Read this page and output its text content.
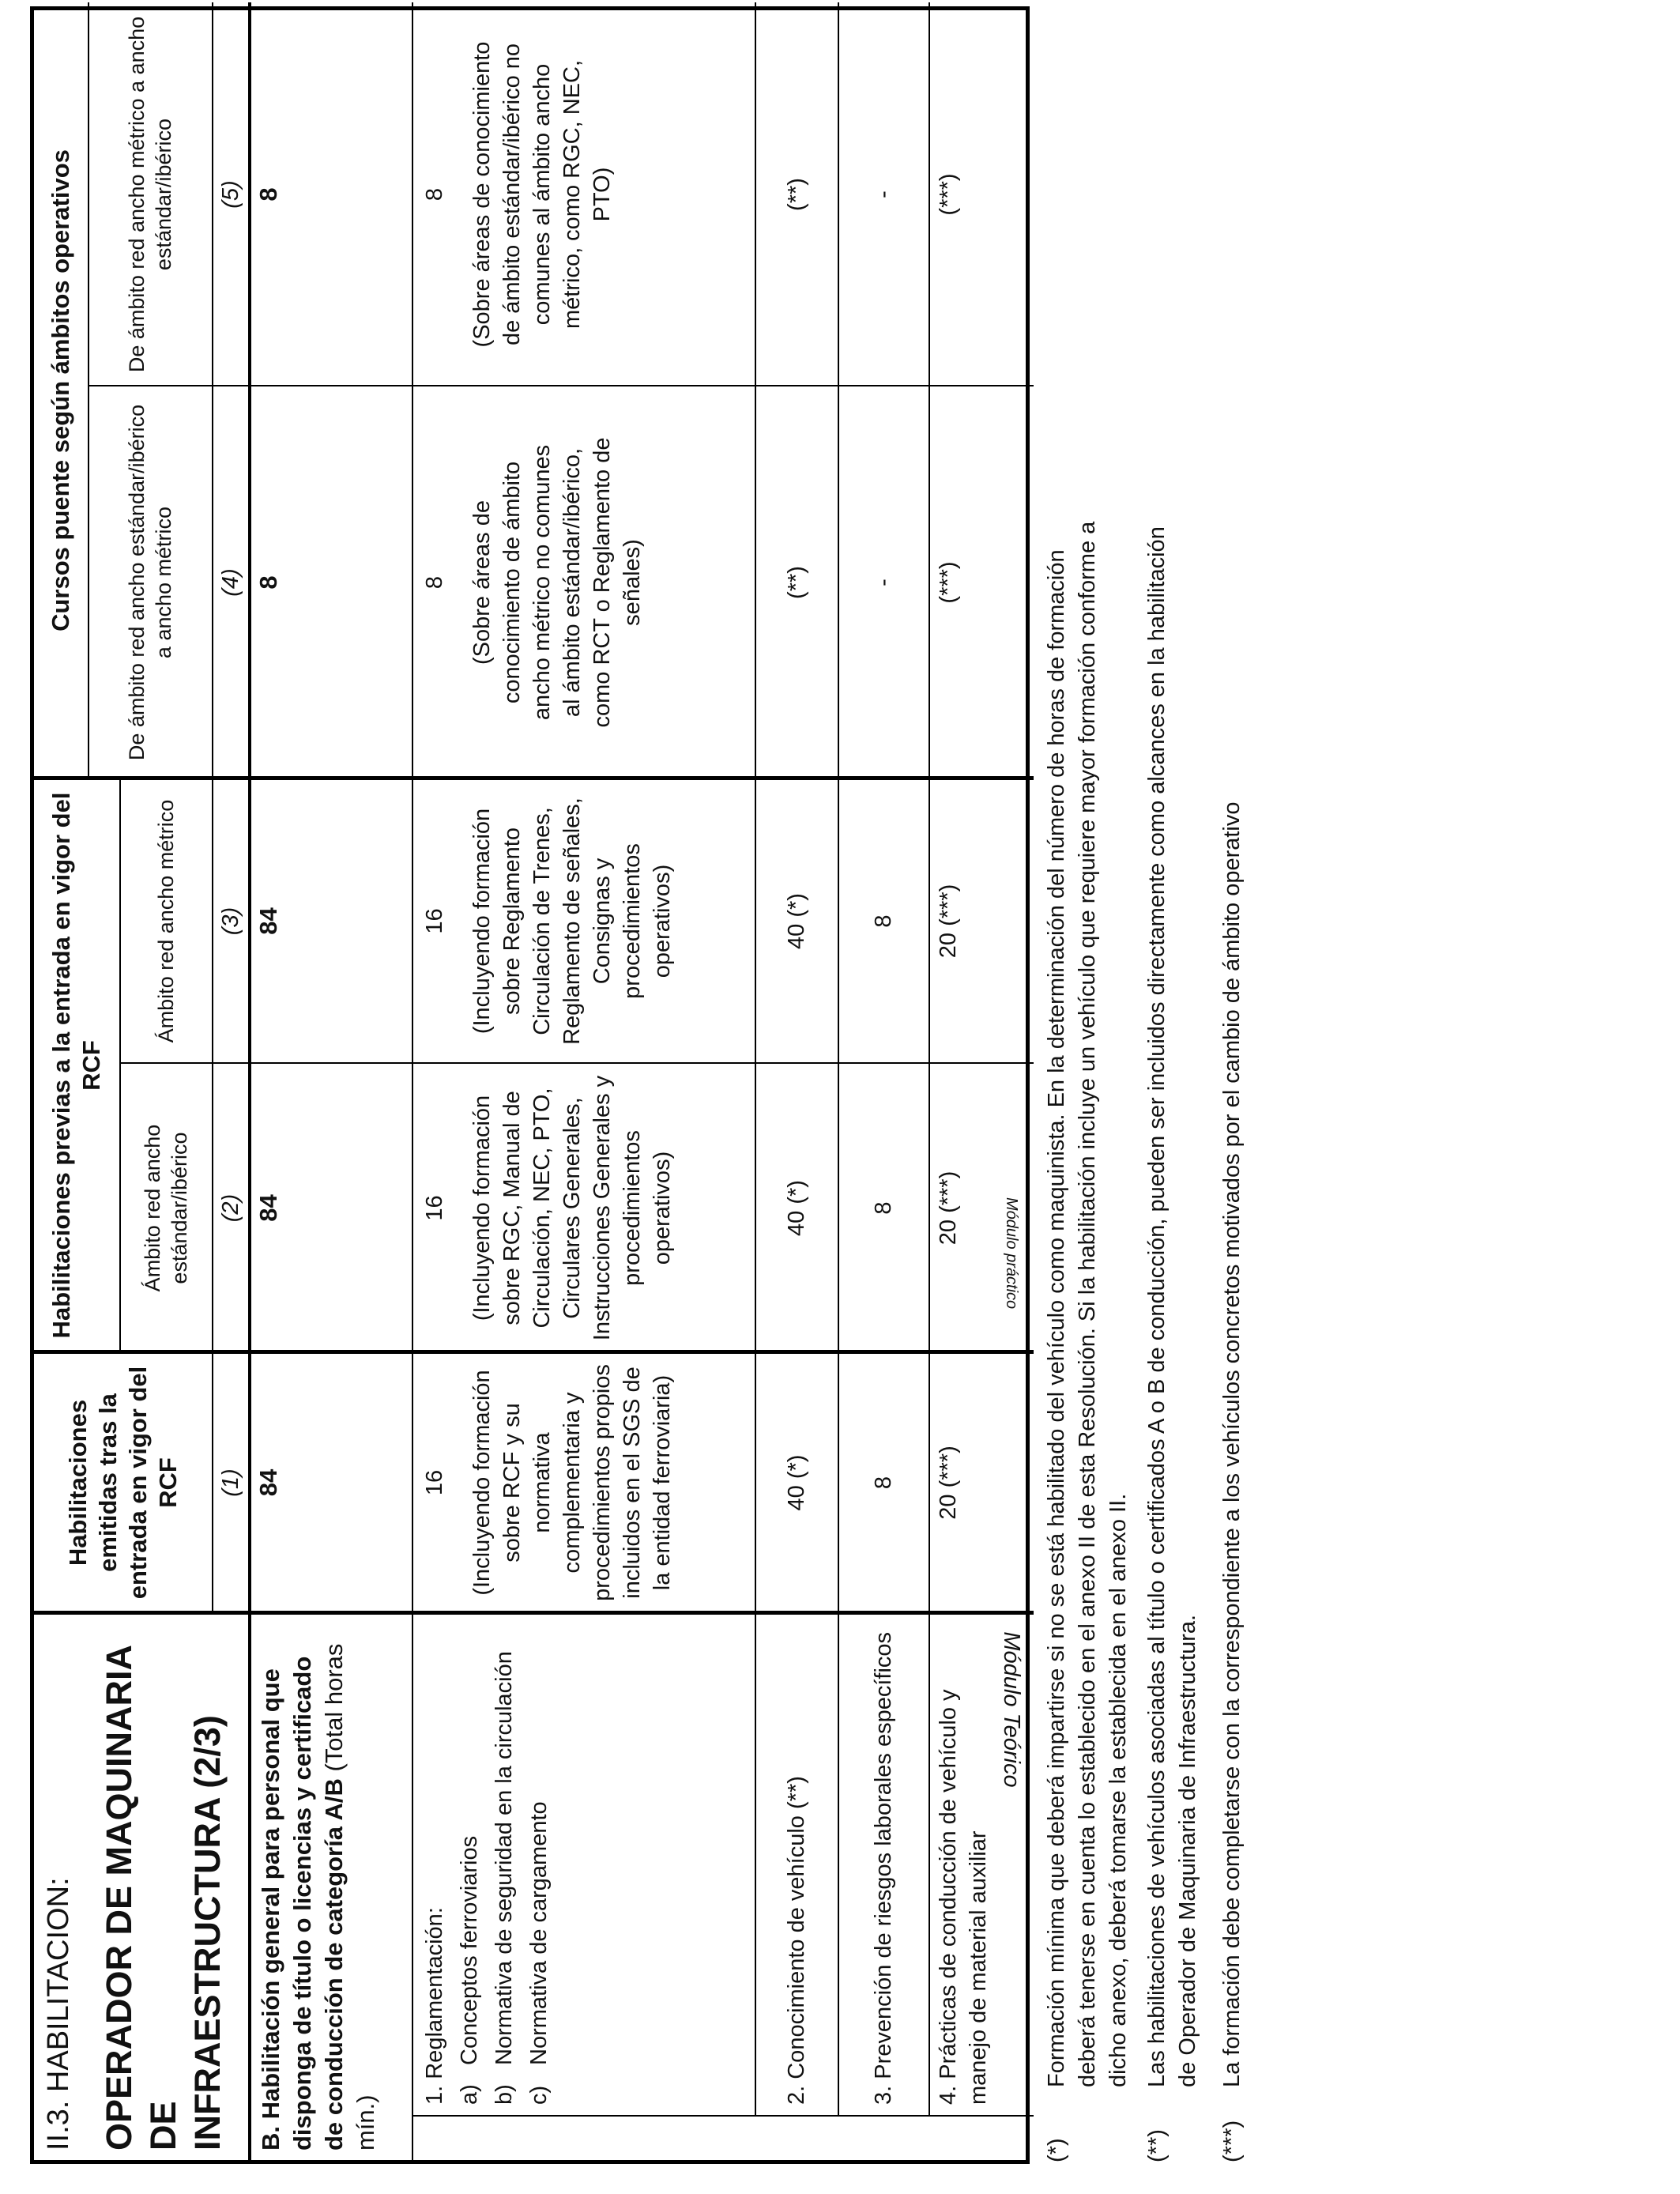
II.3. HABILITACION: OPERADOR DE MAQUINARIA DE INFRAESTRUCTURA (2/3)
Habilitaciones emitidas tras la entrada en vigor del RCF
Habilitaciones previas a la entrada en vigor del RCF
Cursos puente según ámbitos operativos
Ámbito red ancho estándar/ibérico
Ámbito red ancho métrico
De ámbito red ancho estándar/ibérico a ancho métrico
De ámbito red ancho métrico a ancho estándar/ibérico
(1)
(2)
(3)
(4)
(5)
B. Habilitación general para personal que disponga de título o licencias y certificado de conducción de categoría A/B (Total horas mín.)
84
84
84
8
8
Módulo Teórico
Módulo práctico
1. Reglamentación: a)
Conceptos ferroviarios
b)
Normativa de seguridad en la circulación
c)
Normativa de cargamento
16 (Incluyendo formación sobre RCF y su normativa complementaria y procedimientos propios incluidos en el SGS de la entidad ferroviaria)
16 (Incluyendo formación sobre RGC, Manual de Circulación, NEC, PTO, Circulares Generales, Instrucciones Generales y procedimientos operativos)
16 (Incluyendo formación sobre Reglamento Circulación de Trenes, Reglamento de señales, Consignas y procedimientos operativos)
8 (Sobre áreas de conocimiento de ámbito ancho métrico no comunes al ámbito estándar/ibérico, como RCT o Reglamento de señales)
8 (Sobre áreas de conocimiento de ámbito estándar/ibérico no comunes al ámbito ancho métrico, como RGC, NEC, PTO)
2. Conocimiento de vehículo (**)
40 (*)
40 (*)
40 (*)
(**)
(**)
3. Prevención de riesgos laborales específicos
8
8
8
-
-
4. Prácticas de conducción de vehículo y manejo de material auxiliar
20 (***)
20 (***)
20 (***)
(***)
(***)
(*)
Formación mínima que deberá impartirse si no se está habilitado del vehículo como maquinista. En la determinación del número de horas de formación deberá tenerse en cuenta lo establecido en el anexo II de esta Resolución. Si la habilitación incluye un vehículo que requiere mayor formación conforme a dicho anexo, deberá tomarse la establecida en el anexo II.
(**)
Las habilitaciones de vehículos asociadas al título o certificados A o B de conducción, pueden ser incluidos directamente como alcances en la habilitación de Operador de Maquinaria de Infraestructura.
(***)
La formación debe completarse con la correspondiente a los vehículos concretos motivados por el cambio de ámbito operativo
